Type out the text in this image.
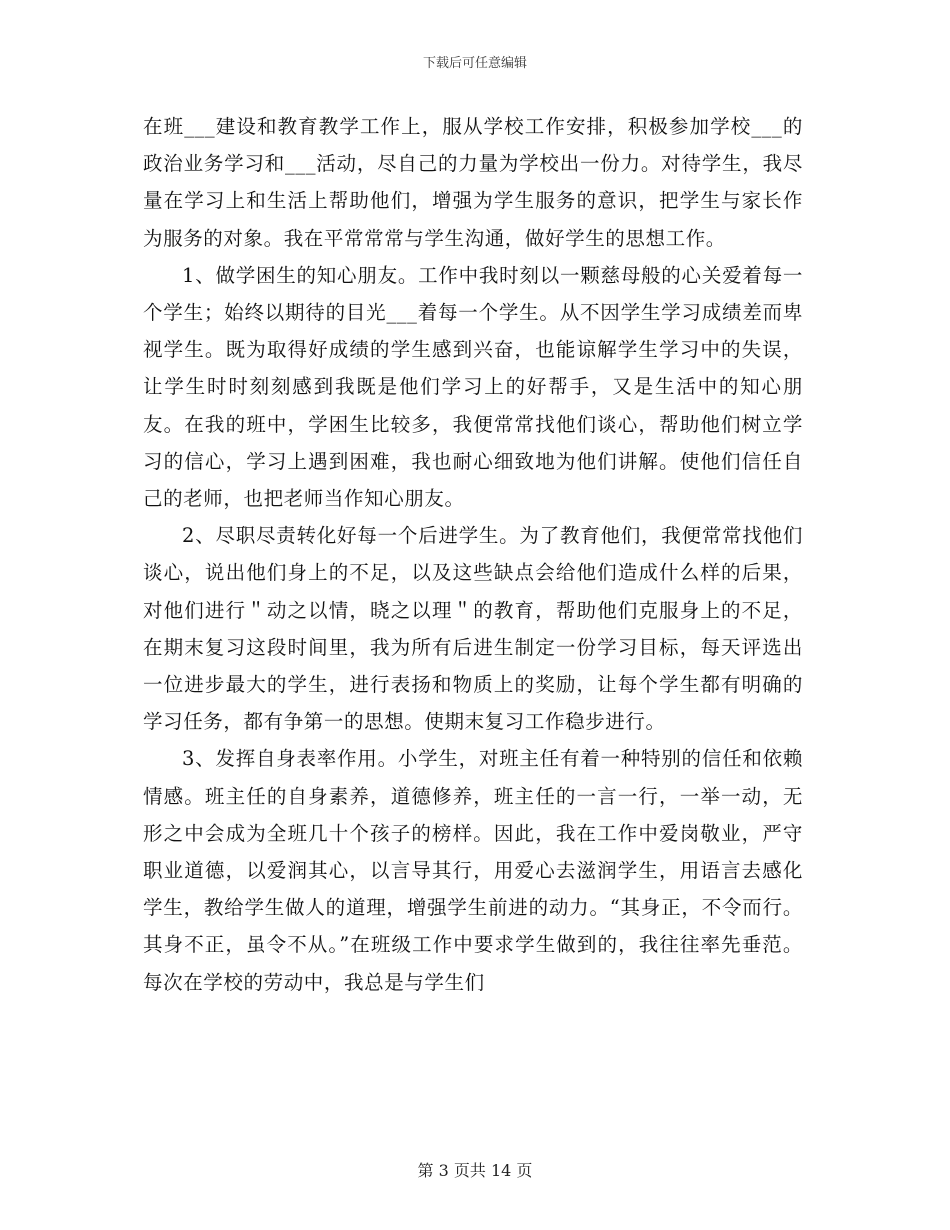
下载后可任意编辑

在班___建设和教育教学工作上，服从学校工作安排，积极参加学校___的政治业务学习和___活动，尽自己的力量为学校出一份力。对待学生，我尽量在学习上和生活上帮助他们，增强为学生服务的意识，把学生与家长作为服务的对象。我在平常常常与学生沟通，做好学生的思想工作。

1、做学困生的知心朋友。工作中我时刻以一颗慈母般的心关爱着每一个学生；始终以期待的目光___着每一个学生。从不因学生学习成绩差而卑视学生。既为取得好成绩的学生感到兴奋，也能谅解学生学习中的失误，让学生时时刻刻感到我既是他们学习上的好帮手，又是生活中的知心朋友。在我的班中，学困生比较多，我便常常找他们谈心，帮助他们树立学习的信心，学习上遇到困难，我也耐心细致地为他们讲解。使他们信任自己的老师，也把老师当作知心朋友。

2、尽职尽责转化好每一个后进学生。为了教育他们，我便常常找他们谈心，说出他们身上的不足，以及这些缺点会给他们造成什么样的后果，对他们进行＂动之以情，晓之以理＂的教育，帮助他们克服身上的不足，在期末复习这段时间里，我为所有后进生制定一份学习目标，每天评选出一位进步最大的学生，进行表扬和物质上的奖励，让每个学生都有明确的学习任务，都有争第一的思想。使期末复习工作稳步进行。

3、发挥自身表率作用。小学生，对班主任有着一种特别的信任和依赖情感。班主任的自身素养，道德修养，班主任的一言一行，一举一动，无形之中会成为全班几十个孩子的榜样。因此，我在工作中爱岗敬业，严守职业道德，以爱润其心，以言导其行，用爱心去滋润学生，用语言去感化学生，教给学生做人的道理，增强学生前进的动力。“其身正，不令而行。其身不正，虽令不从。”在班级工作中要求学生做到的，我往往率先垂范。每次在学校的劳动中，我总是与学生们

第 3 页共 14 页
